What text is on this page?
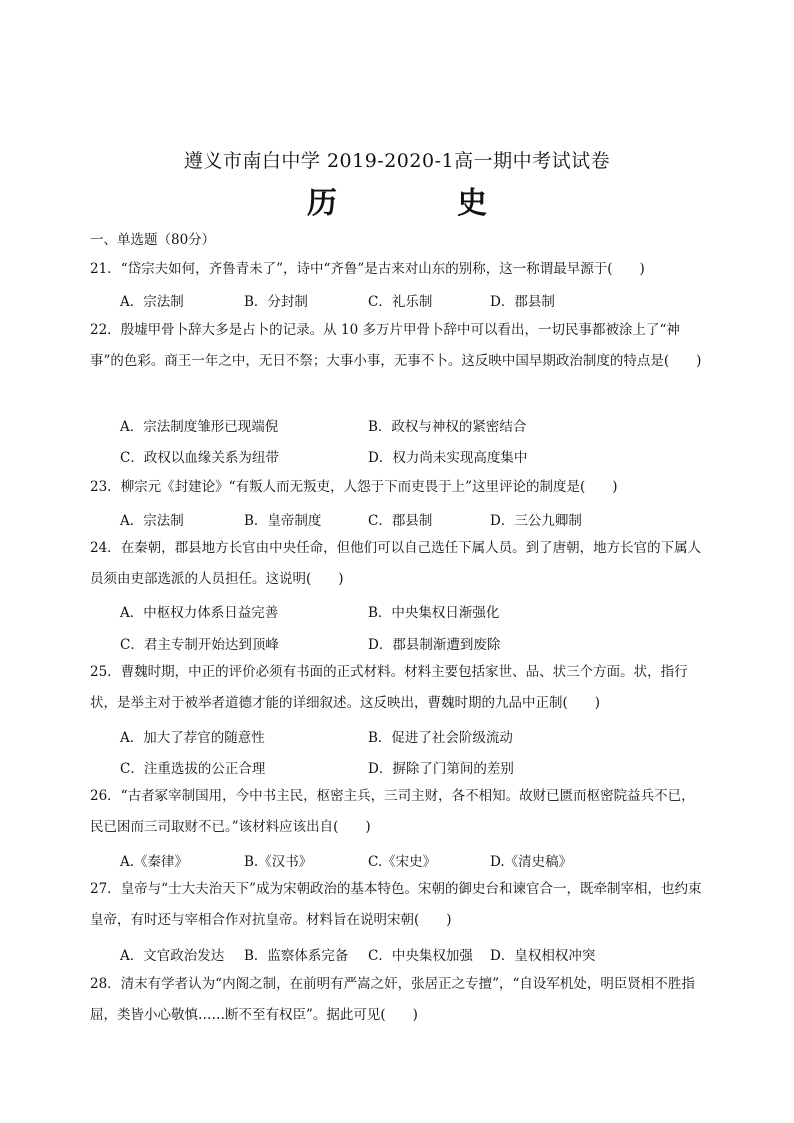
遵义市南白中学 2019-2020-1高一期中考试试卷
历	史
一、单选题（80分）
21．“岱宗夫如何，齐鲁青未了”，诗中“齐鲁”是古来对山东的别称，这一称谓最早源于(　　)
A．宗法制	B．分封制	C．礼乐制	D．郡县制
22．殷墟甲骨卜辞大多是占卜的记录。从 10 多万片甲骨卜辞中可以看出，一切民事都被涂上了“神事”的色彩。商王一年之中，无日不祭；大事小事，无事不卜。这反映中国早期政治制度的特点是(　　)
A．宗法制度雏形已现端倪	B．政权与神权的紧密结合
C．政权以血缘关系为纽带	D．权力尚未实现高度集中
23．柳宗元《封建论》“有叛人而无叛吏，人怨于下而吏畏于上”这里评论的制度是(　　)
A．宗法制	B．皇帝制度	C．郡县制	D．三公九卿制
24．在秦朝，郡县地方长官由中央任命，但他们可以自己选任下属人员。到了唐朝，地方长官的下属人员须由吏部选派的人员担任。这说明(　　)
A．中枢权力体系日益完善	B．中央集权日渐强化
C．君主专制开始达到顶峰	D．郡县制渐遭到废除
25．曹魏时期，中正的评价必须有书面的正式材料。材料主要包括家世、品、状三个方面。状，指行状，是举主对于被举者道德才能的详细叙述。这反映出，曹魏时期的九品中正制(　　)
A．加大了荐官的随意性	B．促进了社会阶级流动
C．注重选拔的公正合理	D．摒除了门第间的差别
26．“古者冢宰制国用，今中书主民，枢密主兵，三司主财，各不相知。故财已匮而枢密院益兵不已，民已困而三司取财不已。”该材料应该出自(　　)
A.《秦律》	B.《汉书》	C.《宋史》	D.《清史稿》
27．皇帝与“士大夫治天下”成为宋朝政治的基本特色。宋朝的御史台和谏官合一，既牵制宰相，也约束皇帝，有时还与宰相合作对抗皇帝。材料旨在说明宋朝(　　)
A．文官政治发达 B．监察体系完备 C．中央集权加强 D．皇权相权冲突
28．清末有学者认为“内阁之制，在前明有严嵩之奸，张居正之专擅”，“自设军机处，明臣贤相不胜指屈，类皆小心敬慎……断不至有权臣”。据此可见(　　)
